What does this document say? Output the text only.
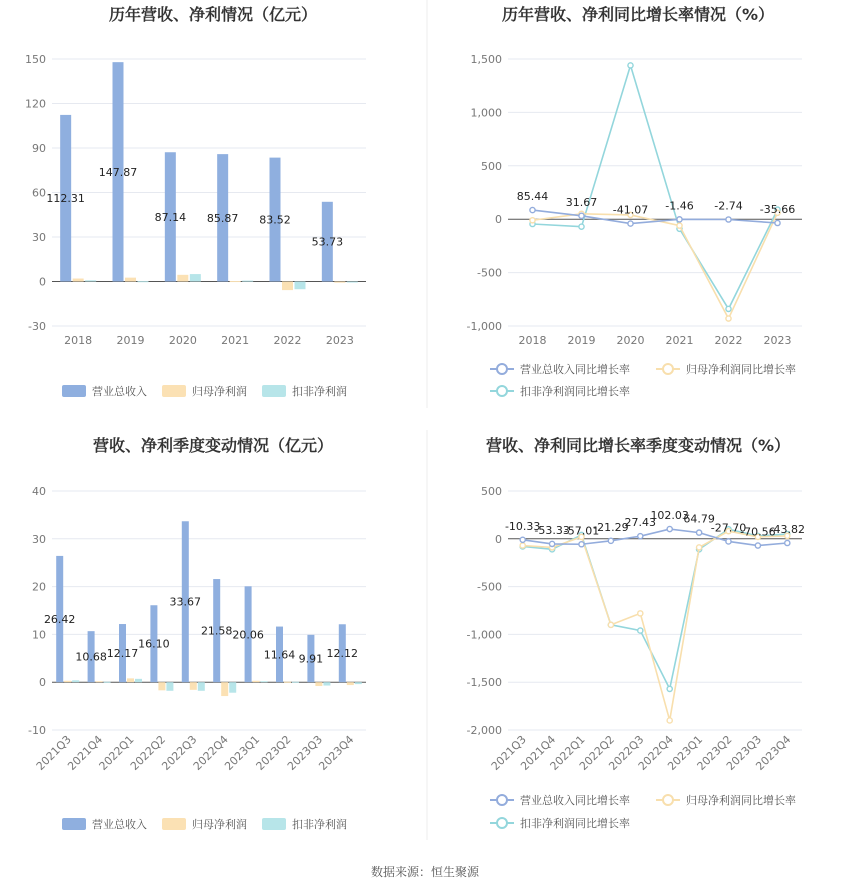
历年营收、净利情况（亿元）
-30
0
30
60
90
120
150
2018 2019 2020 2021 2022 2023
112.31
147.87
87.14 85.87 83.52
53.73
营业总收入	归母净利润	扣非净利润
历年营收、净利同比增长率情况（%）
-1,000
-500
0
500
1,000
1,500
2018 2019 2020 2021 2022 2023
85.44 31.67
-41.07 -1.46 -2.74 -35.66
营业总收入同比增长率	归母净利润同比增长率
扣非净利润同比增长率
营收、净利季度变动情况（亿元）
-10
0
10
20
30
40
2021Q3
2021Q4
2022Q1
2022Q2
2022Q3
2022Q4
2023Q1
2023Q2
2023Q3
2023Q4
26.42
10.68 12.17
16.10
33.67
21.58 20.06
11.64 9.91 12.12
营业总收入	归母净利润	扣非净利润
营收、净利同比增长率季度变动情况（%）
-2,000
-1,500
-1,000
-500
0
500
2021Q3
2021Q4
2022Q1
2022Q2
2022Q3
2022Q4
2023Q1
2023Q2
2023Q3
2023Q4
-10.33
-53.33
-57.01
-21.29
27.43
102.03
64.79
-27.70
-70.56
-43.82
营业总收入同比增长率	归母净利润同比增长率
扣非净利润同比增长率
数据来源：恒生聚源
